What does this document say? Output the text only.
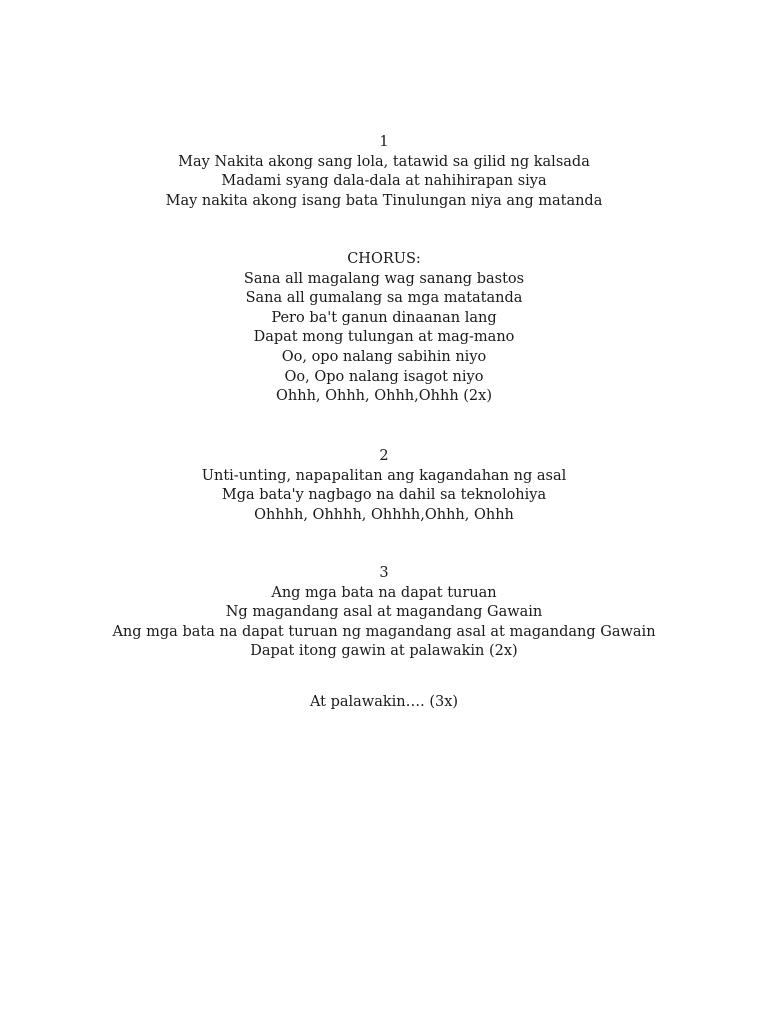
1
May Nakita akong sang lola, tatawid sa gilid ng kalsada
Madami syang dala-dala at nahihirapan siya
May nakita akong isang bata Tinulungan niya ang matanda
CHORUS:
Sana all magalang wag sanang bastos
Sana all gumalang sa mga matatanda
Pero ba't ganun dinaanan lang
Dapat mong tulungan at mag-mano
Oo, opo nalang sabihin niyo
Oo, Opo nalang isagot niyo
Ohhh, Ohhh, Ohhh,Ohhh (2x)
2
Unti-unting, napapalitan ang kagandahan ng asal
Mga bata'y nagbago na dahil sa teknolohiya
Ohhhh, Ohhhh, Ohhhh,Ohhh, Ohhh
3
Ang mga bata na dapat turuan
Ng magandang asal at magandang Gawain
Ang mga bata na dapat turuan ng magandang asal at magandang Gawain
Dapat itong gawin at palawakin (2x)
At palawakin…. (3x)
